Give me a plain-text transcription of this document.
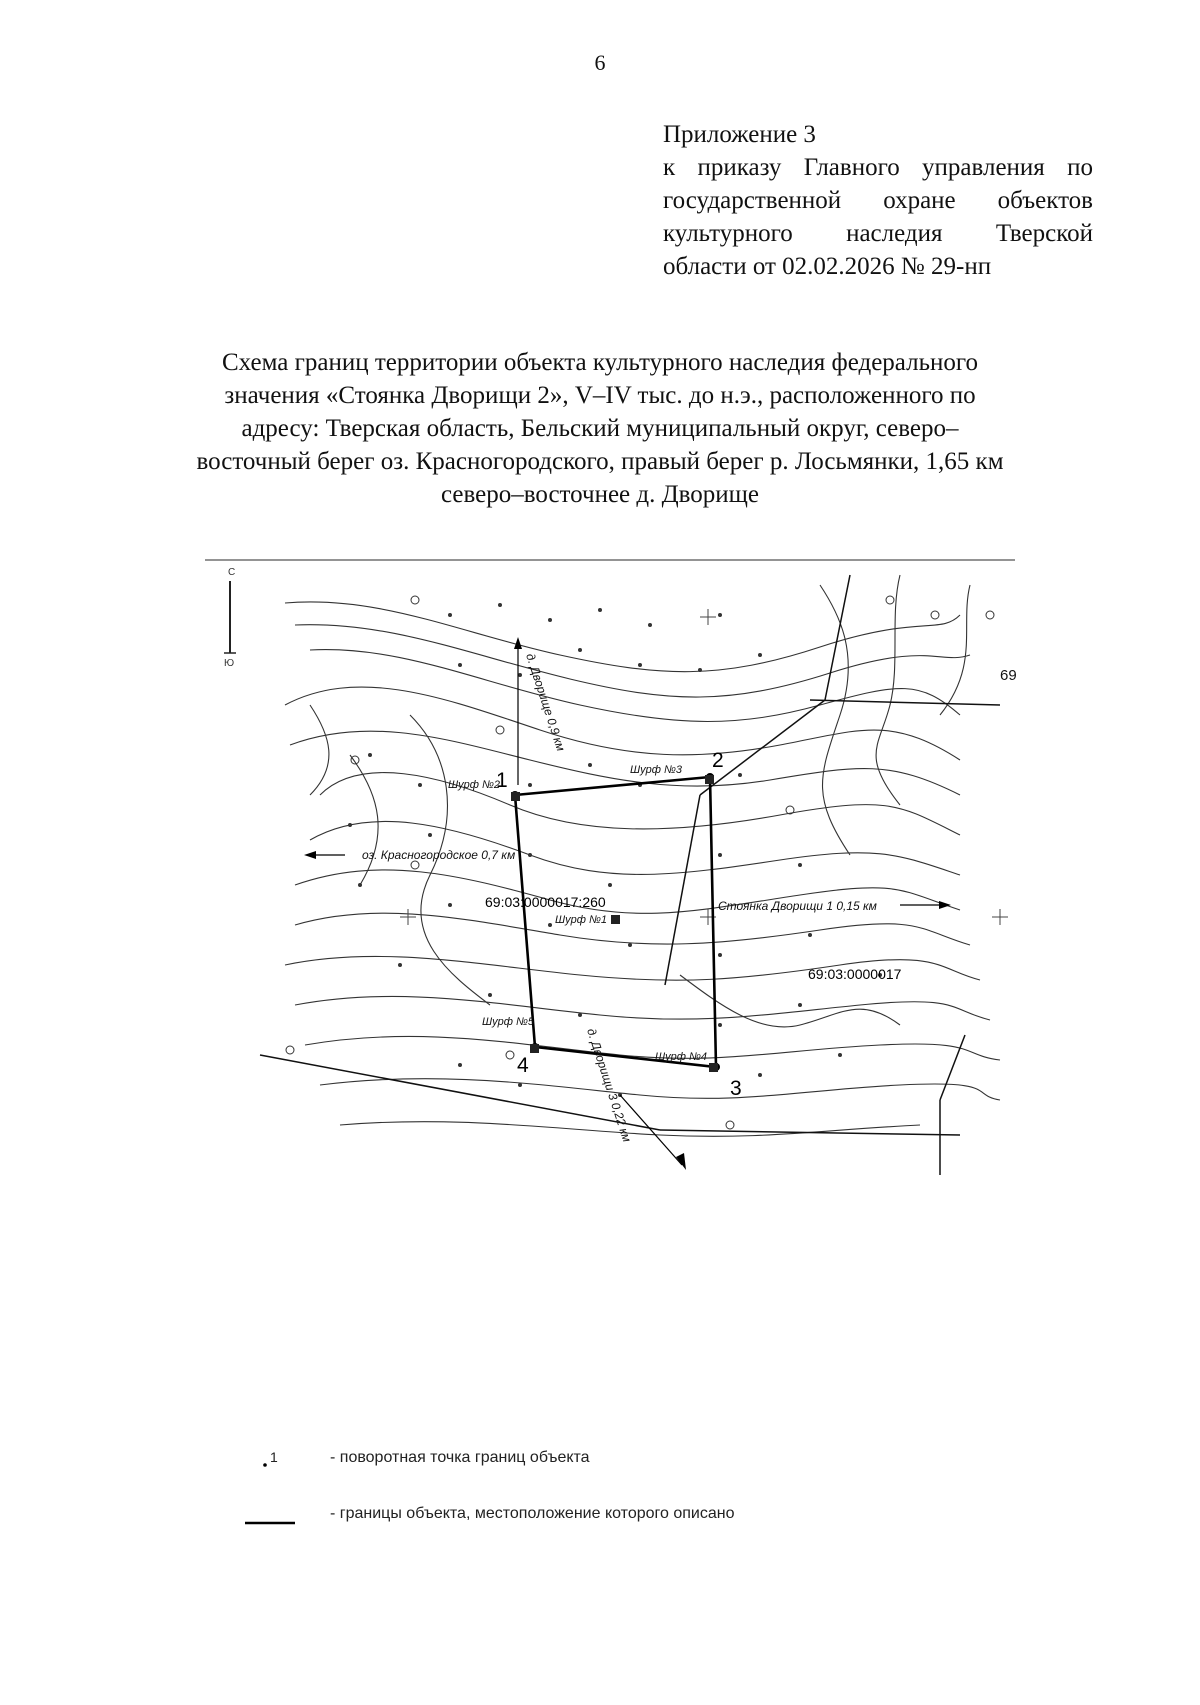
6
Приложение 3
к приказу Главного управления по
государственной охране объектов
культурного наследия Тверской
области от 02.02.2026 № 29-нп
Схема границ территории объекта культурного наследия федерального
значения «Стоянка Дворищи 2», V–IV тыс. до н.э., расположенного по
адресу: Тверская область, Бельский муниципальный округ, северо–
восточный берег оз. Красногородского, правый берег р. Лосьмянки, 1,65 км
северо–восточнее д. Дворище
С
Ю
1
2
3
4
Шурф №2
Шурф №3
Шурф №1
Шурф №5
Шурф №4
69:03:0000017:260
69:03:0000017
д. Дворище 0,9 км
оз. Красногородское 0,7 км
Стоянка Дворищи 1 0,15 км
д. Дворищи 3 0,22 км
69
1	- поворотная точка границ объекта
- границы объекта, местоположение которого описано
